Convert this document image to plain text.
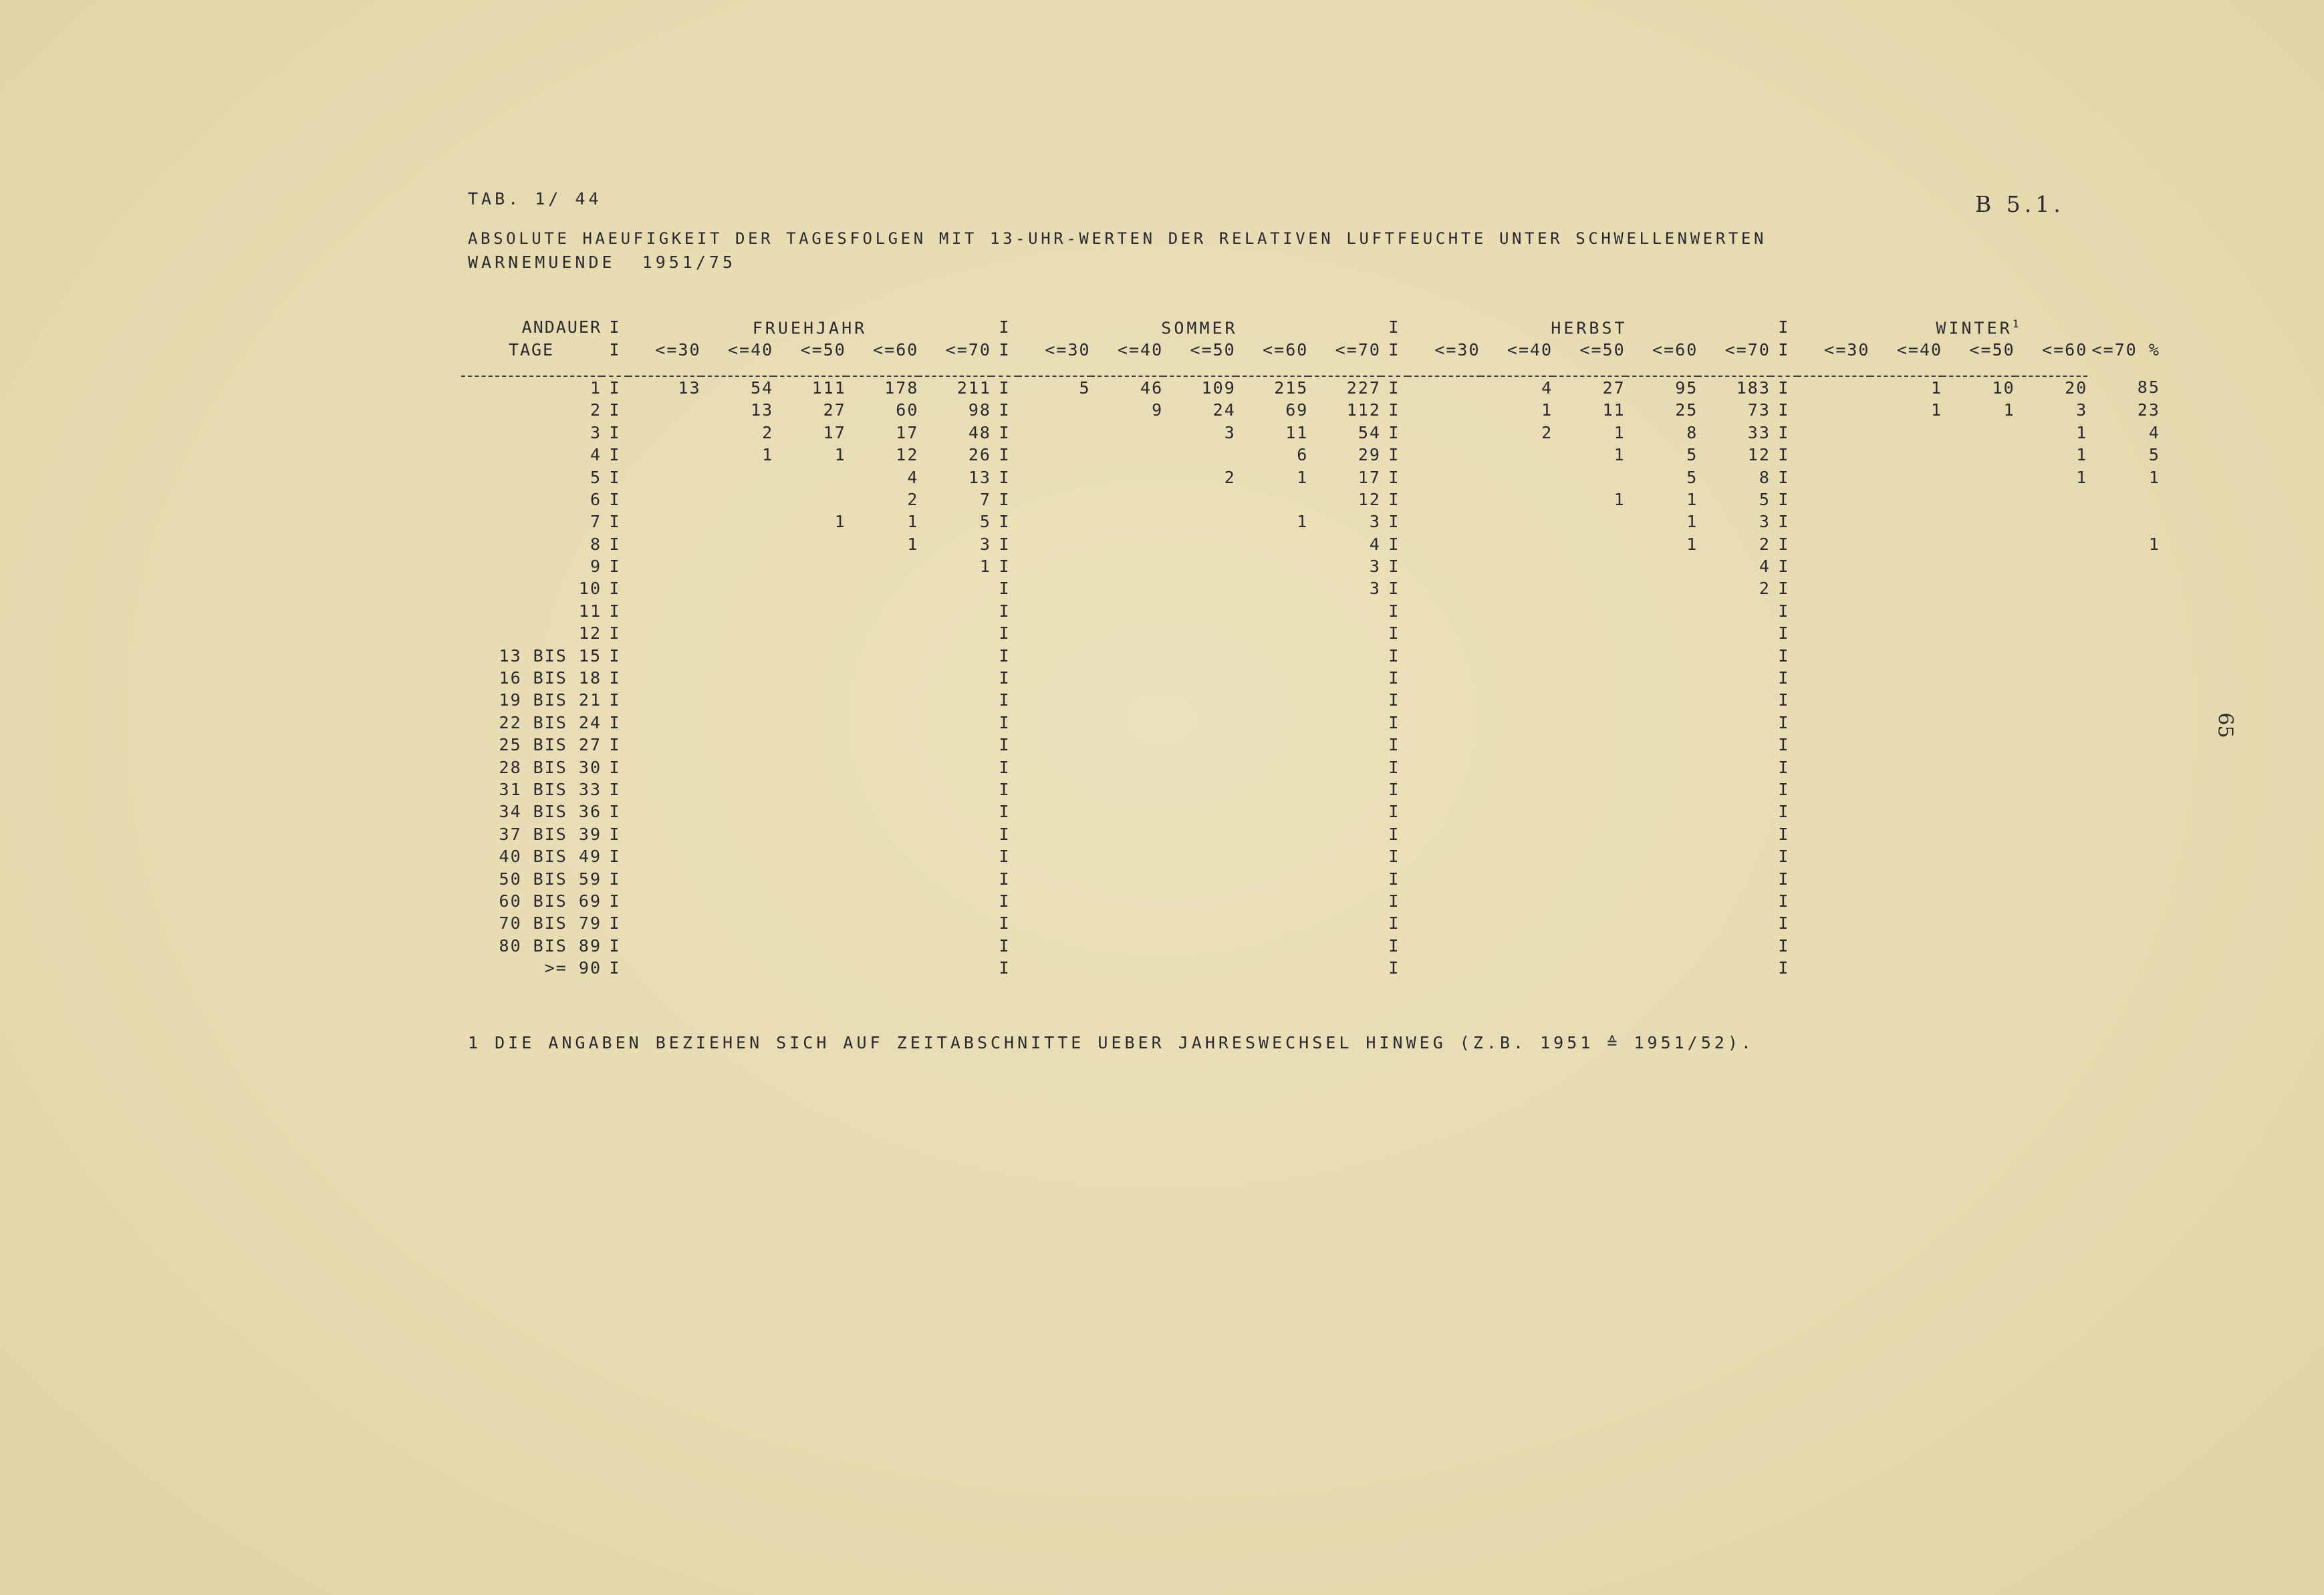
TAB. 1/ 44	B 5.1.
ABSOLUTE HAEUFIGKEIT DER TAGESFOLGEN MIT 13-UHR-WERTEN DER RELATIVEN LUFTFEUCHTE UNTER SCHWELLENWERTEN
WARNEMUENDE  1951/75
65
ANDAUER	I	FRUEHJAHR					I	SOMMER					I	HERBST					I	WINTER$^1$
TAGE	I	<=30	<=40	<=50	<=60	<=70	I	<=30	<=40	<=50	<=60	<=70	I	<=30	<=40	<=50	<=60	<=70	I	<=30	<=40	<=50	<=60	<=70 %

1	I	13	54	111	178	211	I	5	46	109	215	227	I		4	27	95	183	I		1	10	20	85
2	I		13	27	60	98	I		9	24	69	112	I		1	11	25	73	I		1	1	3	23
3	I		2	17	17	48	I			3	11	54	I		2	1	8	33	I				1	4
4	I		1	1	12	26	I				6	29	I			1	5	12	I				1	5
5	I				4	13	I			2	1	17	I				5	8	I				1	1
6	I				2	7	I					12	I			1	1	5	I					
7	I			1	1	5	I				1	3	I				1	3	I					
8	I				1	3	I					4	I				1	2	I					1
9	I					1	I					3	I					4	I					
10	I						I					3	I					2	I					
11	I						I						I						I					
12	I						I						I						I					
13 BIS 15	I						I						I						I					
16 BIS 18	I						I						I						I					
19 BIS 21	I						I						I						I					
22 BIS 24	I						I						I						I					
25 BIS 27	I						I						I						I					
28 BIS 30	I						I						I						I					
31 BIS 33	I						I						I						I					
34 BIS 36	I						I						I						I					
37 BIS 39	I						I						I						I					
40 BIS 49	I						I						I						I					
50 BIS 59	I						I						I						I					
60 BIS 69	I						I						I						I					
70 BIS 79	I						I						I						I					
80 BIS 89	I						I						I						I					
>= 90	I						I						I						I					
1 DIE ANGABEN BEZIEHEN SICH AUF ZEITABSCHNITTE UEBER JAHRESWECHSEL HINWEG (Z.B. 1951 ≙ 1951/52).
